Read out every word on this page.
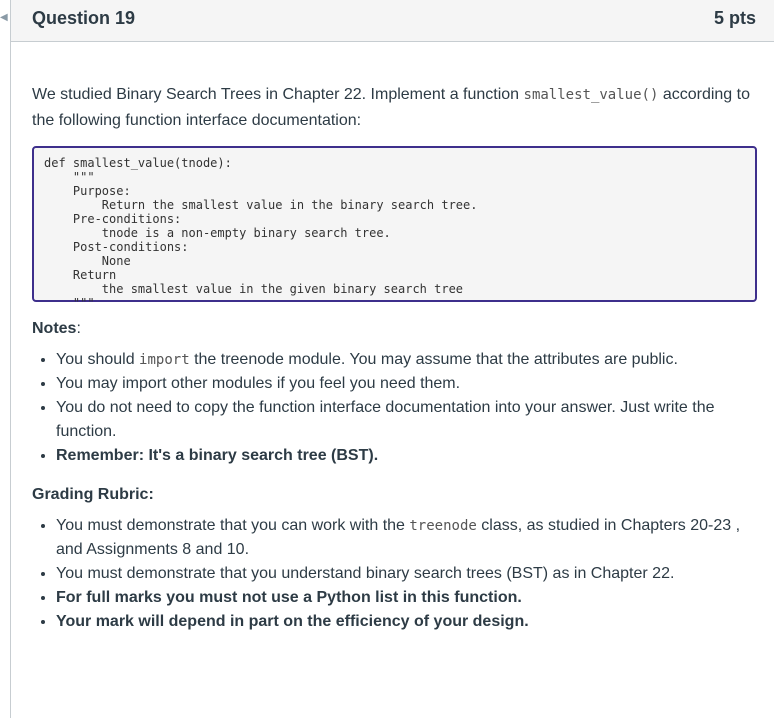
◀ Question 19	5 pts

We studied Binary Search Trees in Chapter 22. Implement a function smallest_value() according to the following function interface documentation:

def smallest_value(tnode):
"""
Purpose:
Return the smallest value in the binary search tree.
Pre-conditions:
tnode is a non-empty binary search tree.
Post-conditions:
None
Return
the smallest value in the given binary search tree
"""
Notes:
• You should import the treenode module. You may assume that the attributes are public.
• You may import other modules if you feel you need them.
• You do not need to copy the function interface documentation into your answer. Just write the function.
• Remember: It's a binary search tree (BST).
Grading Rubric:
• You must demonstrate that you can work with the treenode class, as studied in Chapters 20-23 , and Assignments 8 and 10.
• You must demonstrate that you understand binary search trees (BST) as in Chapter 22.
• For full marks you must not use a Python list in this function.
• Your mark will depend in part on the efficiency of your design.
